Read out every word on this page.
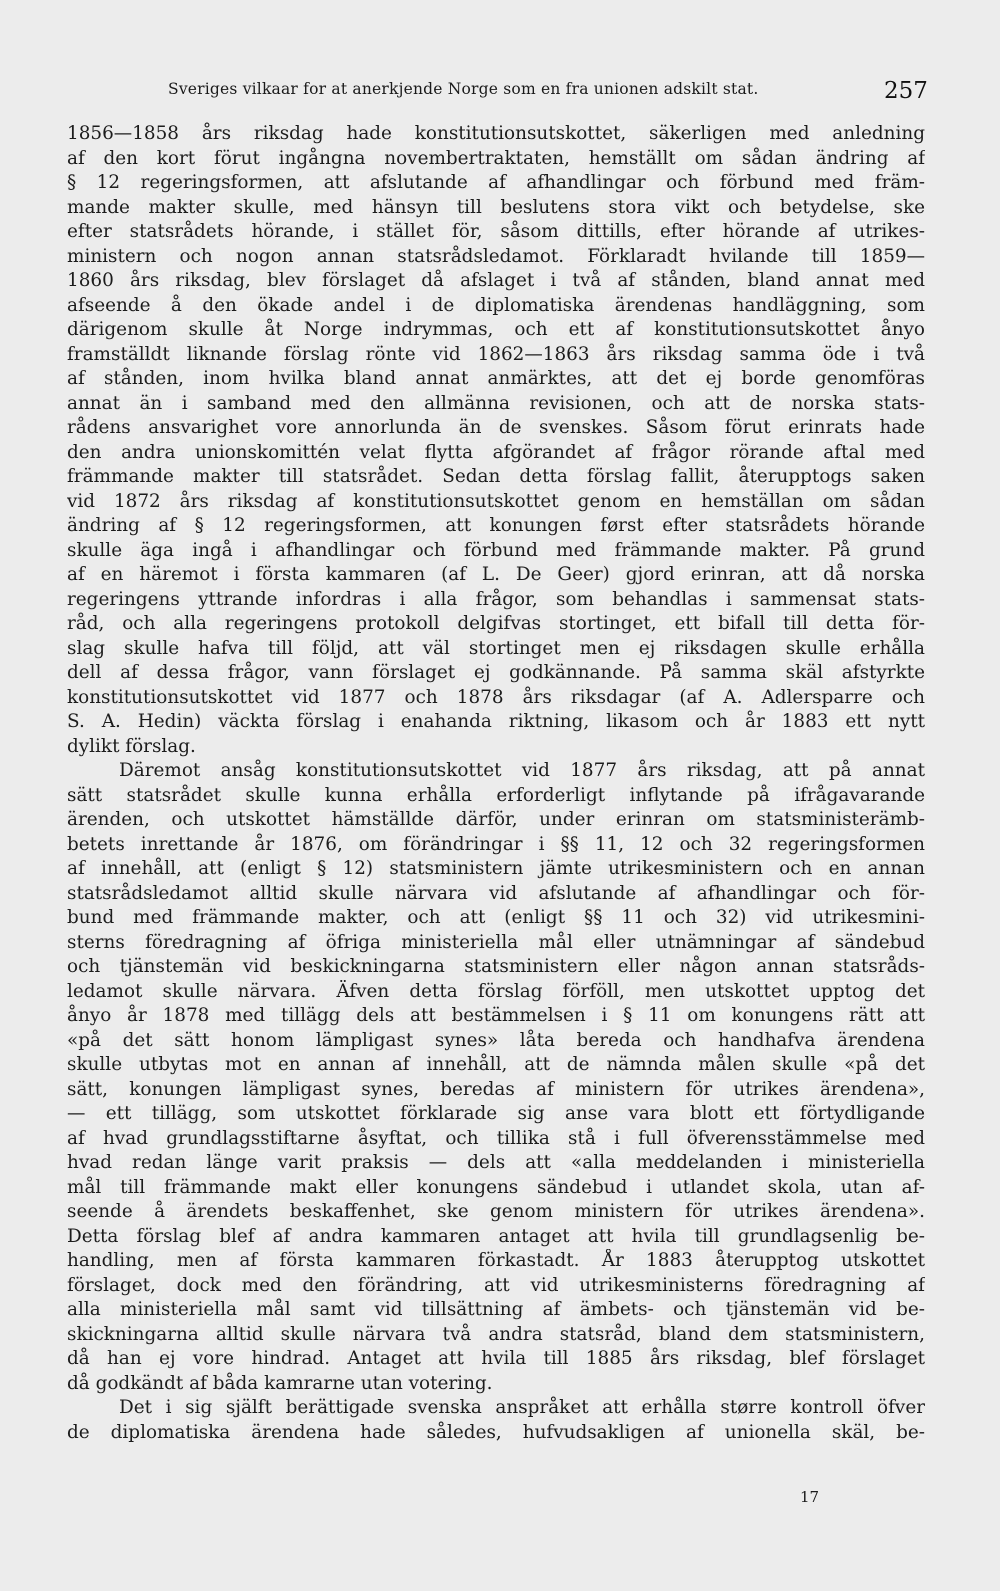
Sveriges vilkaar for at anerkjende Norge som en fra unionen adskilt stat.	257
1856—1858 års riksdag hade konstitutionsutskottet, säkerligen med anledning
af den kort förut ingångna novembertraktaten, hemställt om sådan ändring af
§ 12 regeringsformen, att afslutande af afhandlingar och förbund med främ-
mande makter skulle, med hänsyn till beslutens stora vikt och betydelse, ske
efter statsrådets hörande, i stället för, såsom dittills, efter hörande af utrikes-
ministern och nogon annan statsrådsledamot. Förklaradt hvilande till 1859—
1860 års riksdag, blev förslaget då afslaget i två af stånden, bland annat med
afseende å den ökade andel i de diplomatiska ärendenas handläggning, som
därigenom skulle åt Norge indrymmas, och ett af konstitutionsutskottet ånyo
framställdt liknande förslag rönte vid 1862—1863 års riksdag samma öde i två
af stånden, inom hvilka bland annat anmärktes, att det ej borde genomföras
annat än i samband med den allmänna revisionen, och att de norska stats-
rådens ansvarighet vore annorlunda än de svenskes. Såsom förut erinrats hade
den andra unionskomittén velat flytta afgörandet af frågor rörande aftal med
främmande makter till statsrådet. Sedan detta förslag fallit, återupptogs saken
vid 1872 års riksdag af konstitutionsutskottet genom en hemställan om sådan
ändring af § 12 regeringsformen, att konungen først efter statsrådets hörande
skulle äga ingå i afhandlingar och förbund med främmande makter. På grund
af en häremot i första kammaren (af L. De Geer) gjord erinran, att då norska
regeringens yttrande infordras i alla frågor, som behandlas i sammensat stats-
råd, och alla regeringens protokoll delgifvas stortinget, ett bifall till detta för-
slag skulle hafva till följd, att väl stortinget men ej riksdagen skulle erhålla
dell af dessa frågor, vann förslaget ej godkännande. På samma skäl afstyrkte
konstitutionsutskottet vid 1877 och 1878 års riksdagar (af A. Adlersparre och
S. A. Hedin) väckta förslag i enahanda riktning, likasom och år 1883 ett nytt
dylikt förslag.
Däremot ansåg konstitutionsutskottet vid 1877 års riksdag, att på annat
sätt statsrådet skulle kunna erhålla erforderligt inflytande på ifrågavarande
ärenden, och utskottet hämställde därför, under erinran om statsministerämb-
betets inrettande år 1876, om förändringar i §§ 11, 12 och 32 regeringsformen
af innehåll, att (enligt § 12) statsministern jämte utrikesministern och en annan
statsrådsledamot alltid skulle närvara vid afslutande af afhandlingar och för-
bund med främmande makter, och att (enligt §§ 11 och 32) vid utrikesmini-
sterns föredragning af öfriga ministeriella mål eller utnämningar af sändebud
och tjänstemän vid beskickningarna statsministern eller någon annan statsråds-
ledamot skulle närvara. Äfven detta förslag förföll, men utskottet upptog det
ånyo år 1878 med tillägg dels att bestämmelsen i § 11 om konungens rätt att
«på det sätt honom lämpligast synes» låta bereda och handhafva ärendena
skulle utbytas mot en annan af innehåll, att de nämnda målen skulle «på det
sätt, konungen lämpligast synes, beredas af ministern för utrikes ärendena»,
— ett tillägg, som utskottet förklarade sig anse vara blott ett förtydligande
af hvad grundlagsstiftarne åsyftat, och tillika stå i full öfverensstämmelse med
hvad redan länge varit praksis — dels att «alla meddelanden i ministeriella
mål till främmande makt eller konungens sändebud i utlandet skola, utan af-
seende å ärendets beskaffenhet, ske genom ministern för utrikes ärendena».
Detta förslag blef af andra kammaren antaget att hvila till grundlagsenlig be-
handling, men af första kammaren förkastadt. År 1883 återupptog utskottet
förslaget, dock med den förändring, att vid utrikesministerns föredragning af
alla ministeriella mål samt vid tillsättning af ämbets- och tjänstemän vid be-
skickningarna alltid skulle närvara två andra statsråd, bland dem statsministern,
då han ej vore hindrad. Antaget att hvila till 1885 års riksdag, blef förslaget
då godkändt af båda kamrarne utan votering.
Det i sig själft berättigade svenska anspråket att erhålla større kontroll öfver
de diplomatiska ärendena hade således, hufvudsakligen af unionella skäl, be-
17
